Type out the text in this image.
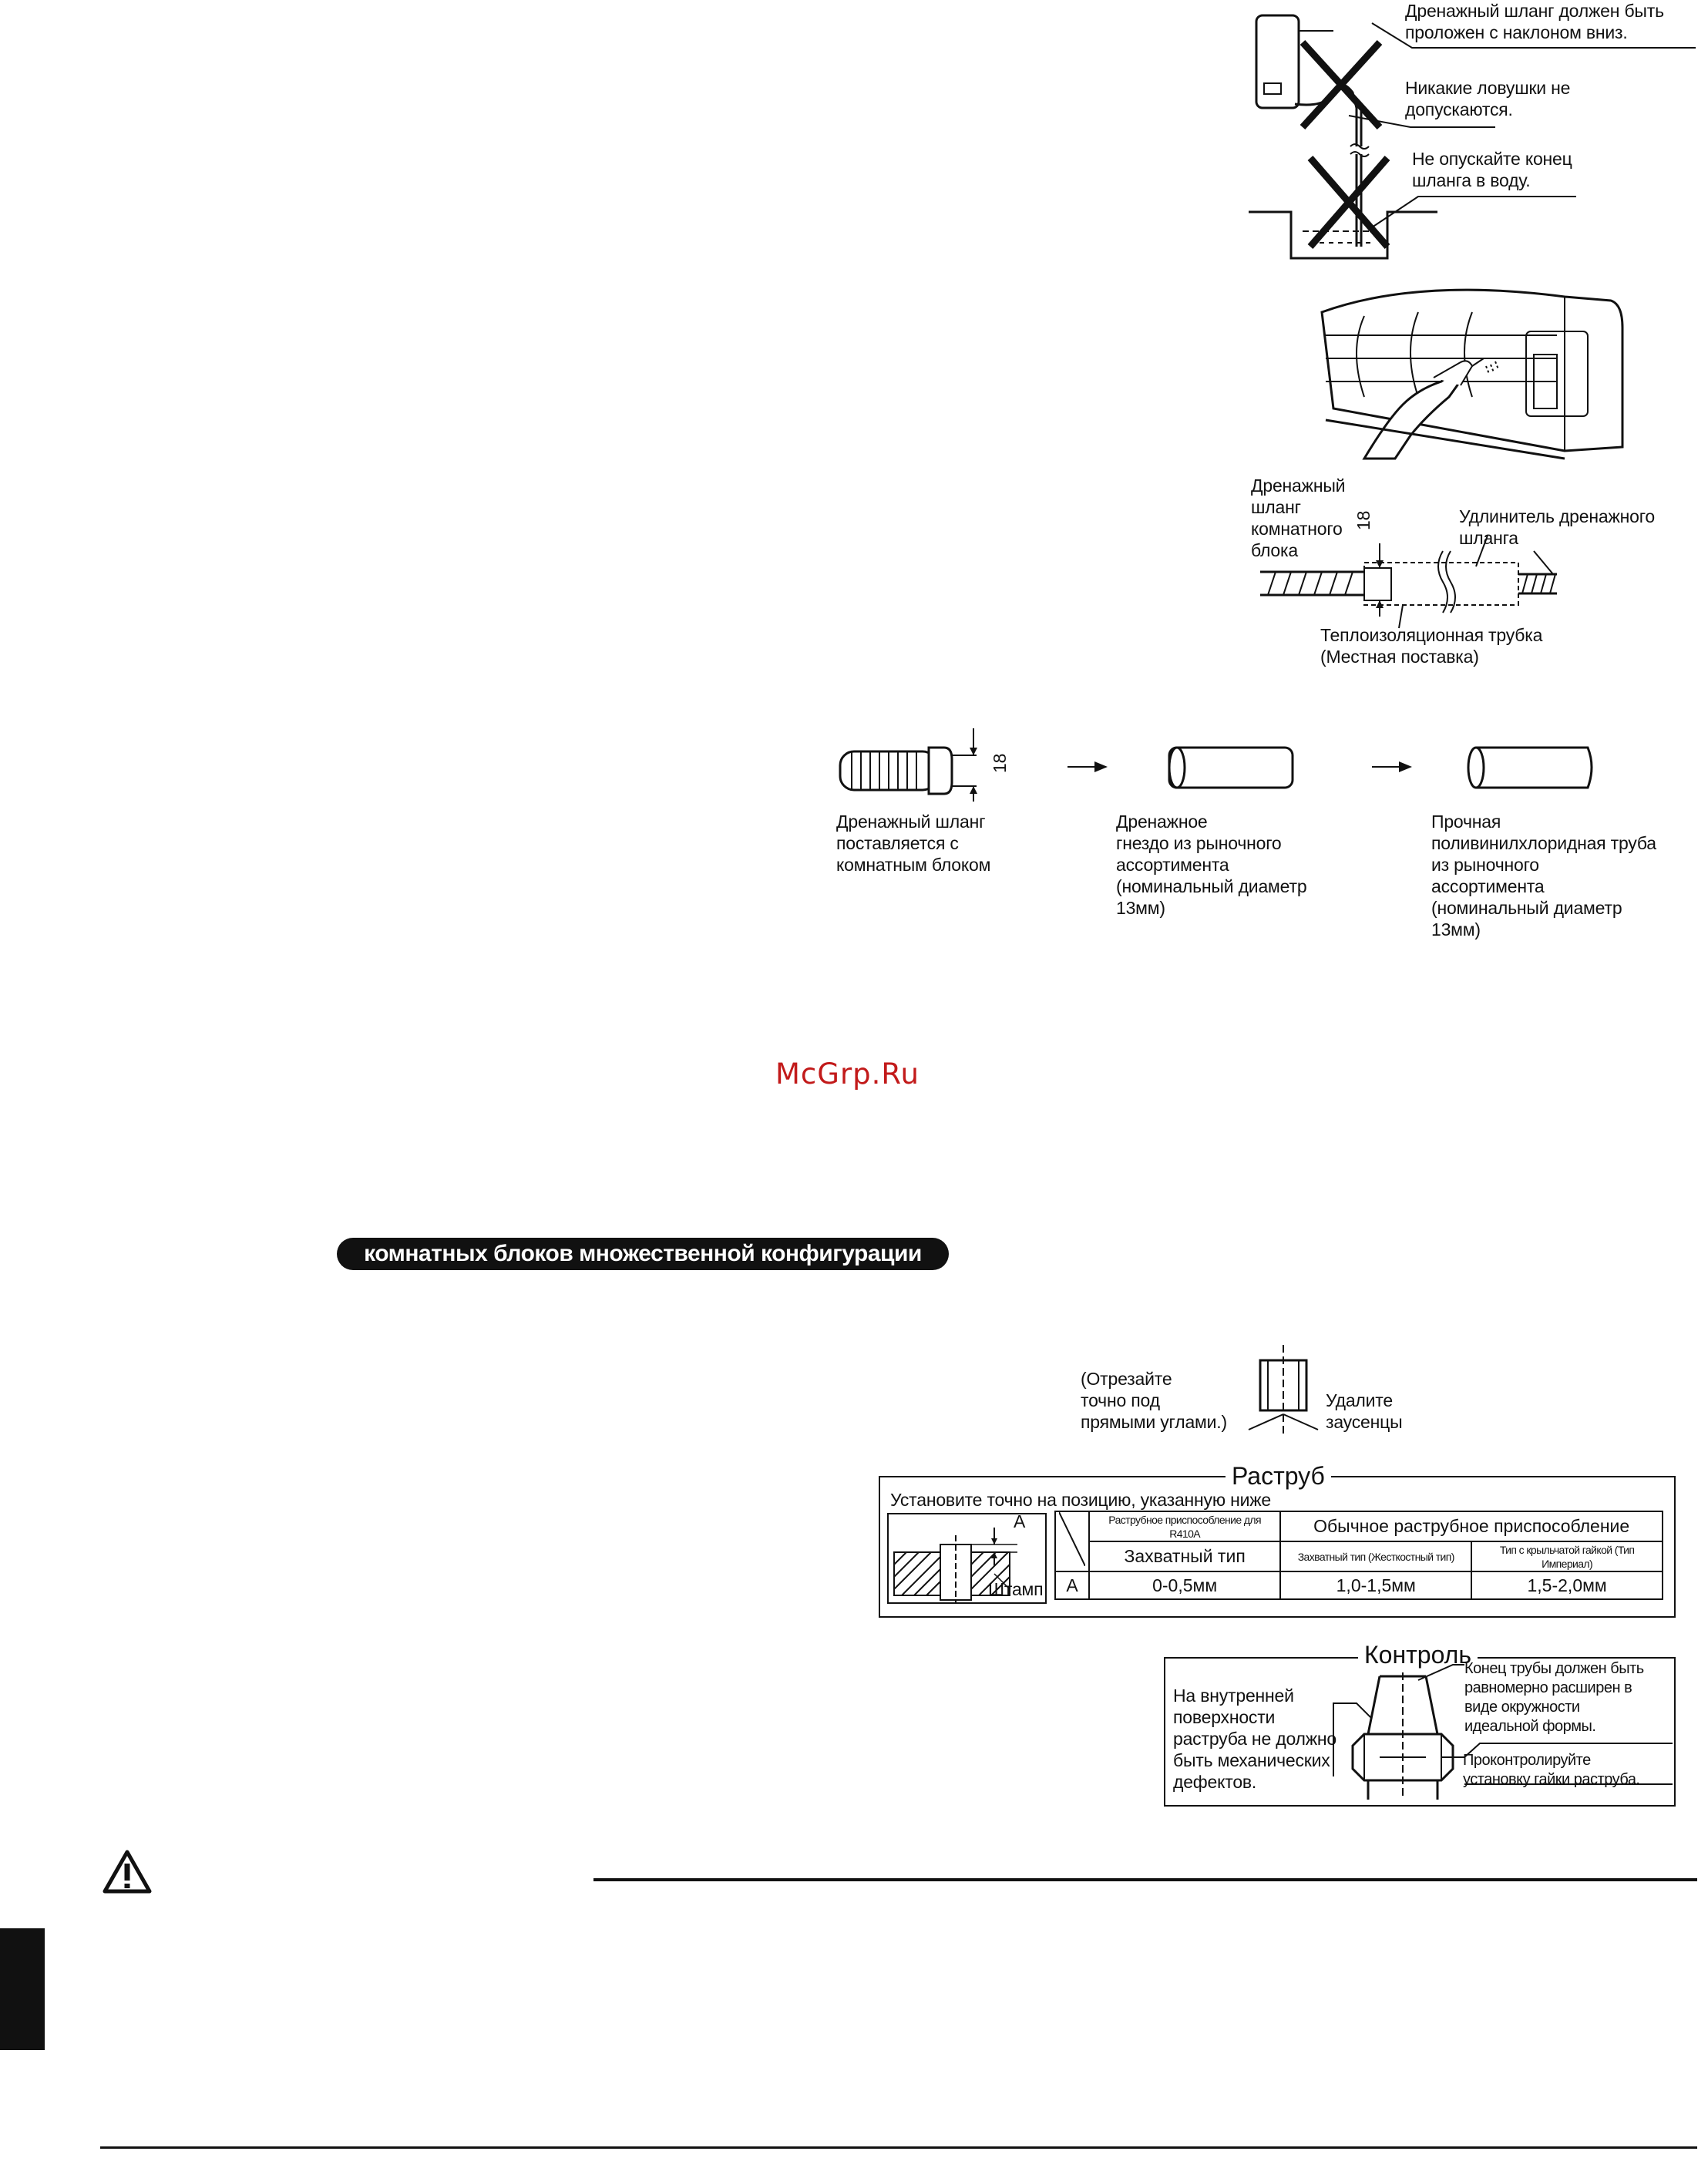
Дренажный шланг должен быть
проложен с наклоном вниз.
Никакие ловушки не
допускаются.
Не опускайте конец
шланга в воду.
Дренажный
шланг
комнатного
блока
18	Удлинитель дренажного
шланга
Теплоизоляционная трубка
(Местная поставка)
18
Дренажный шланг
поставляется с
комнатным блоком
Дренажное
гнездо из рыночного
ассортимента
(номинальный диаметр
13мм)
Прочная
поливинилхлоридная труба
из рыночного
ассортимента
(номинальный диаметр
13мм)
McGrp.Ru
комнатных блоков множественной конфигурации
(Отрезайте
точно под
прямыми углами.)
Удалите
заусенцы
Раструб
Установите точно на позицию, указанную ниже
A
Штамп
	Раструбное приспособление для R410A	Обычное раструбное приспособление	
	Захватный тип	Захватный тип (Жесткостный тип)	Тип с крыльчатой гайкой (Тип Империал)
A	0-0,5мм	1,0-1,5мм	1,5-2,0мм
Контроль
На внутренней
поверхности
раструба не должно
быть механических
дефектов.
Конец трубы должен быть
равномерно расширен в
виде окружности
идеальной формы.
Проконтролируйте
установку гайки раструба.
